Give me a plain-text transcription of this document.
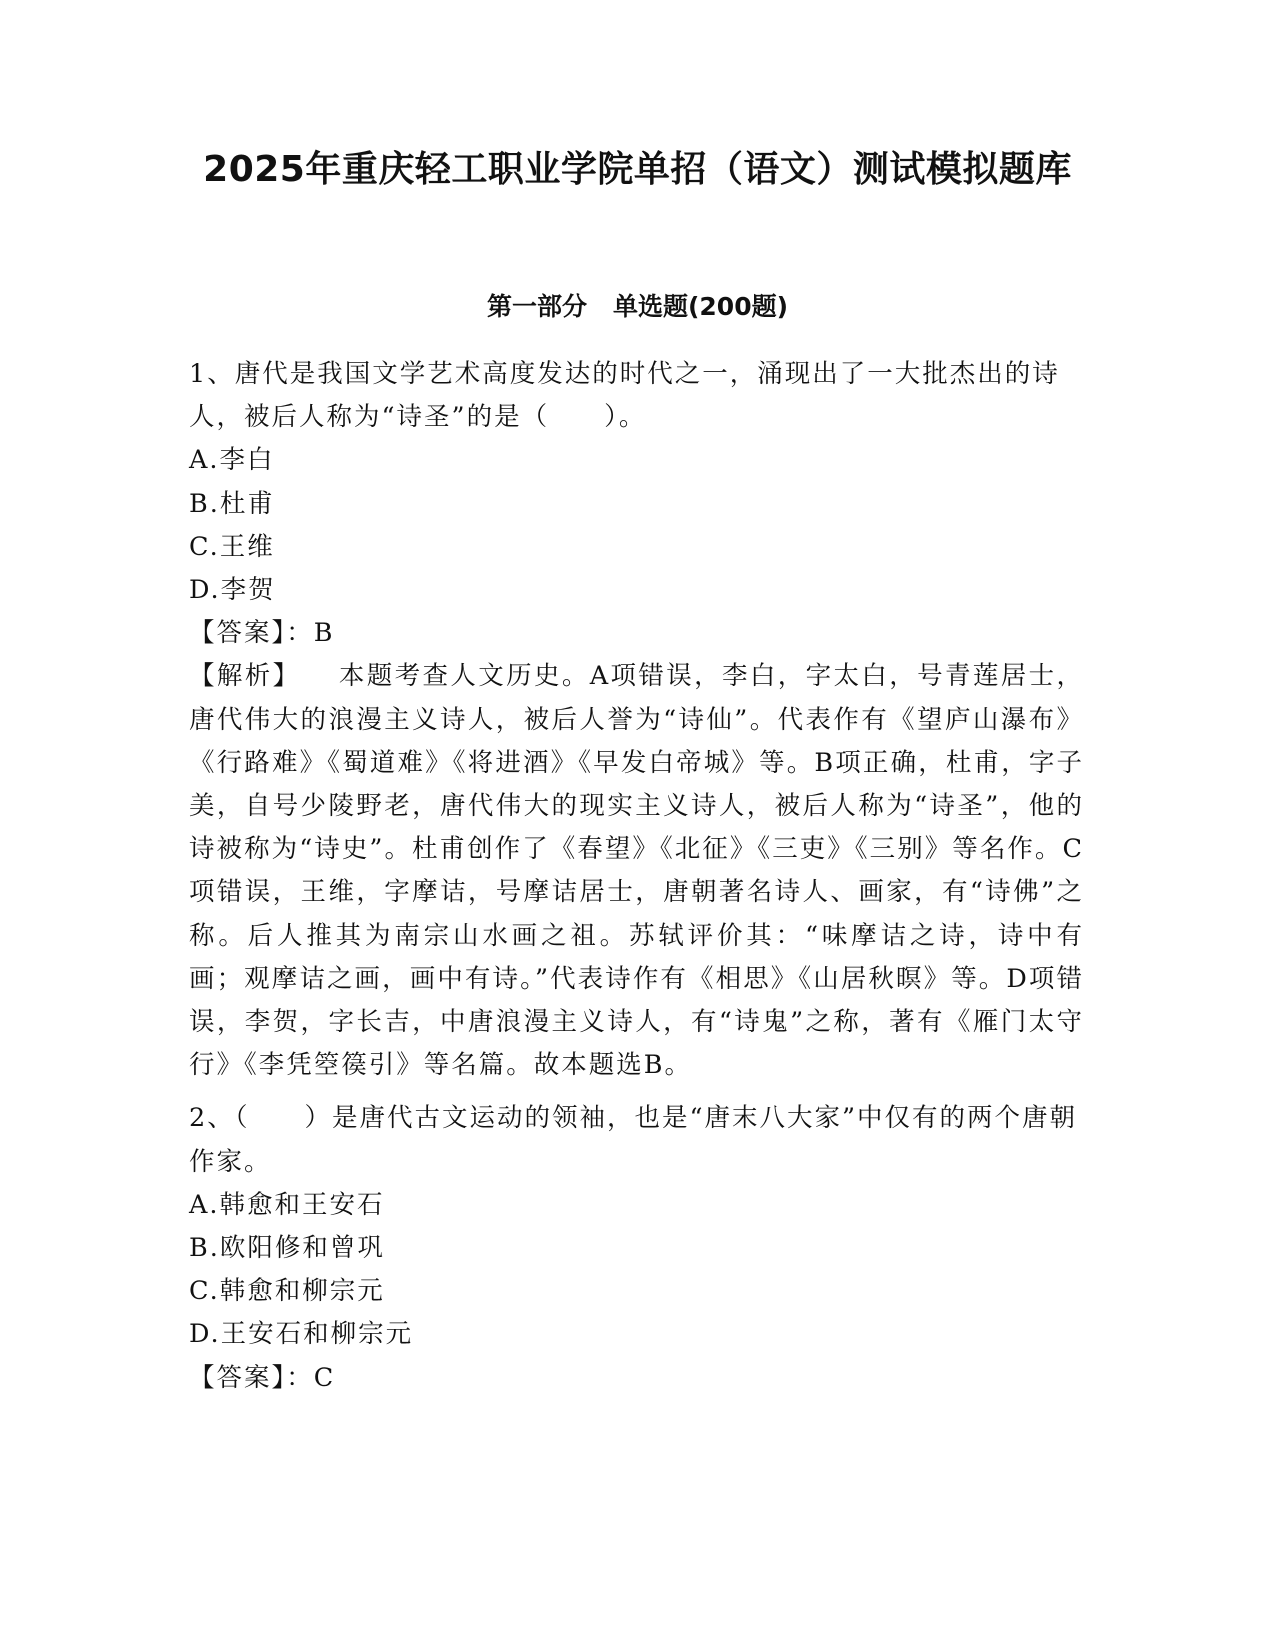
2025年重庆轻工职业学院单招（语文）测试模拟题库
第一部分 单选题(200题)

1、唐代是我国文学艺术高度发达的时代之一，涌现出了一大批杰出的诗人，被后人称为“诗圣”的是（　　）。

A.李白

B.杜甫

C.王维

D.李贺

【答案】：B

【解析】 本题考查人文历史。A项错误，李白，字太白，号青莲居士，唐代伟大的浪漫主义诗人，被后人誉为“诗仙”。代表作有《望庐山瀑布》《行路难》《蜀道难》《将进酒》《早发白帝城》等。B项正确，杜甫，字子美，自号少陵野老，唐代伟大的现实主义诗人，被后人称为“诗圣”，他的诗被称为“诗史”。杜甫创作了《春望》《北征》《三吏》《三别》等名作。C项错误，王维，字摩诘，号摩诘居士，唐朝著名诗人、画家，有“诗佛”之称。后人推其为南宗山水画之祖。苏轼评价其：“味摩诘之诗，诗中有画；观摩诘之画，画中有诗。”代表诗作有《相思》《山居秋暝》等。D项错误，李贺，字长吉，中唐浪漫主义诗人，有“诗鬼”之称，著有《雁门太守行》《李凭箜篌引》等名篇。故本题选B。

2、（　　）是唐代古文运动的领袖，也是“唐末八大家”中仅有的两个唐朝作家。

A.韩愈和王安石

B.欧阳修和曾巩

C.韩愈和柳宗元

D.王安石和柳宗元

【答案】：C
